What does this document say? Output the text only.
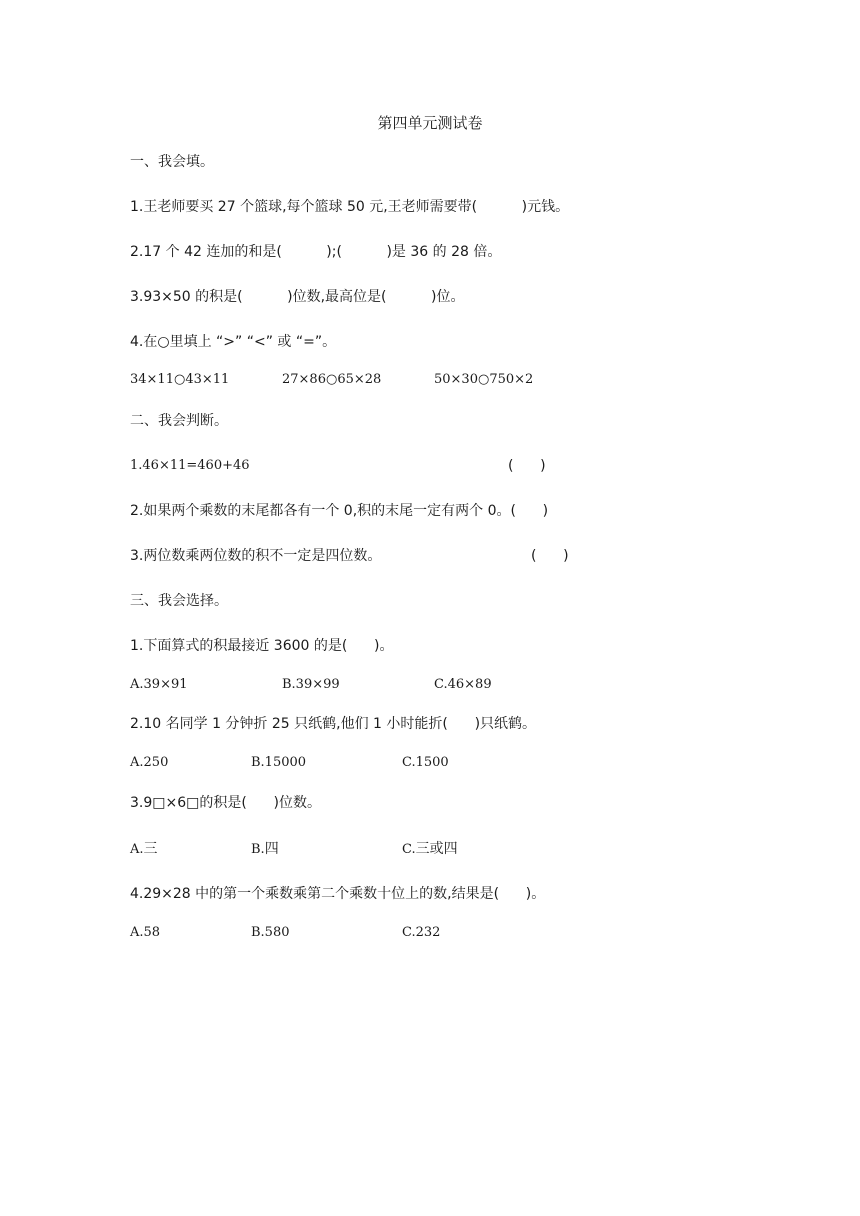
第四单元测试卷
一、我会填。
1.王老师要买 27 个篮球,每个篮球 50 元,王老师需要带(          )元钱。
2.17 个 42 连加的和是(          );(          )是 36 的 28 倍。
3.93×50 的积是(          )位数,最高位是(          )位。
4.在○里填上 “>” “<” 或 “=”。
34×11○43×11	27×86○65×28	50×30○750×2
二、我会判断。
1.46×11=460+46	(      )
2.如果两个乘数的末尾都各有一个 0,积的末尾一定有两个 0。(      )
3.两位数乘两位数的积不一定是四位数。	(      )
三、我会选择。
1.下面算式的积最接近 3600 的是(      )。
A.39×91	B.39×99	C.46×89
2.10 名同学 1 分钟折 25 只纸鹤,他们 1 小时能折(      )只纸鹤。
A.250	B.15000	C.1500
3.9□×6□的积是(      )位数。
A.三	B.四	C.三或四
4.29×28 中的第一个乘数乘第二个乘数十位上的数,结果是(      )。
A.58	B.580	C.232
